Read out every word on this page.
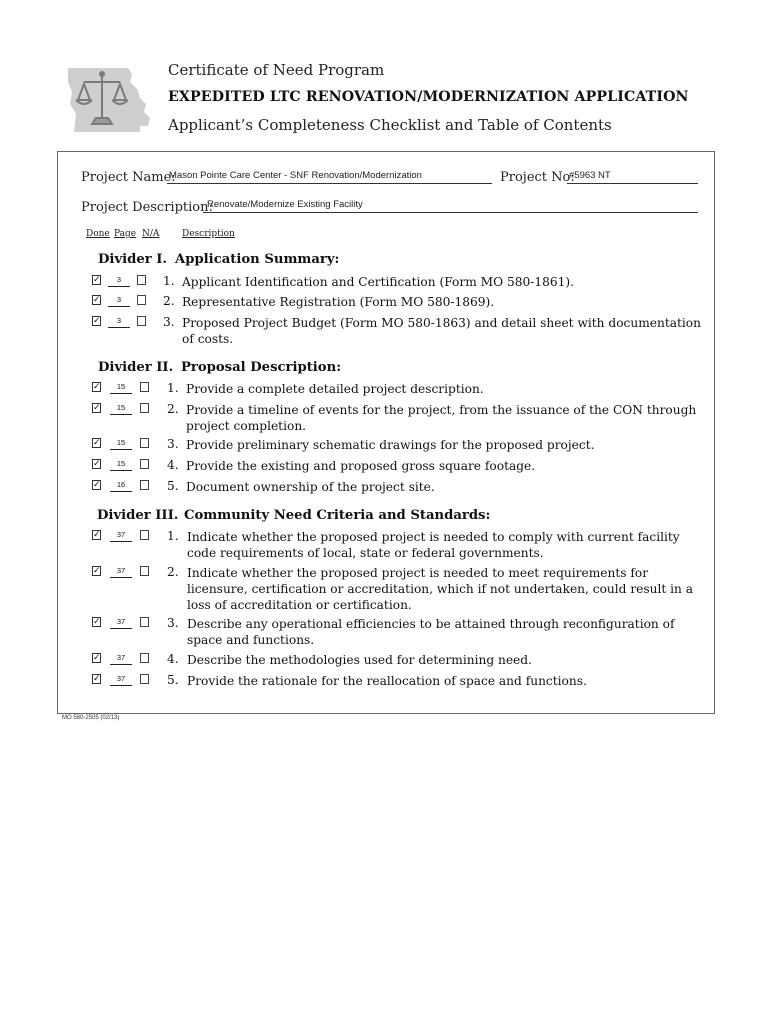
Certificate of Need Program
EXPEDITED LTC RENOVATION/MODERNIZATION APPLICATION
Applicant’s Completeness Checklist and Table of Contents
Project Name:
Mason Pointe Care Center - SNF Renovation/Modernization	Project No:
#5963 NT
Project Description:
Renovate/Modernize Existing Facility
Done Page N/A	Description
Divider I. Application Summary:
✓	3	1. Applicant Identification and Certification (Form MO 580-1861).
✓	3	2. Representative Registration (Form MO 580-1869).
✓	3	3. Proposed Project Budget (Form MO 580-1863) and detail sheet with documentation of costs.
Divider II. Proposal Description:
✓	15	1. Provide a complete detailed project description.
✓	15	2. Provide a timeline of events for the project, from the issuance of the CON through project completion.
✓	15	3. Provide preliminary schematic drawings for the proposed project.
✓	15	4. Provide the existing and proposed gross square footage.
✓	16	5. Document ownership of the project site.
Divider III. Community Need Criteria and Standards:
✓	37	1. Indicate whether the proposed project is needed to comply with current facility code requirements of local, state or federal governments.
✓	37	2. Indicate whether the proposed project is needed to meet requirements for licensure, certification or accreditation, which if not undertaken, could result in a loss of accreditation or certification.
✓	37	3. Describe any operational efficiencies to be attained through reconfiguration of space and functions.
✓	37	4. Describe the methodologies used for determining need.
✓	37	5. Provide the rationale for the reallocation of space and functions.
MO 580-2505 (02/13)
